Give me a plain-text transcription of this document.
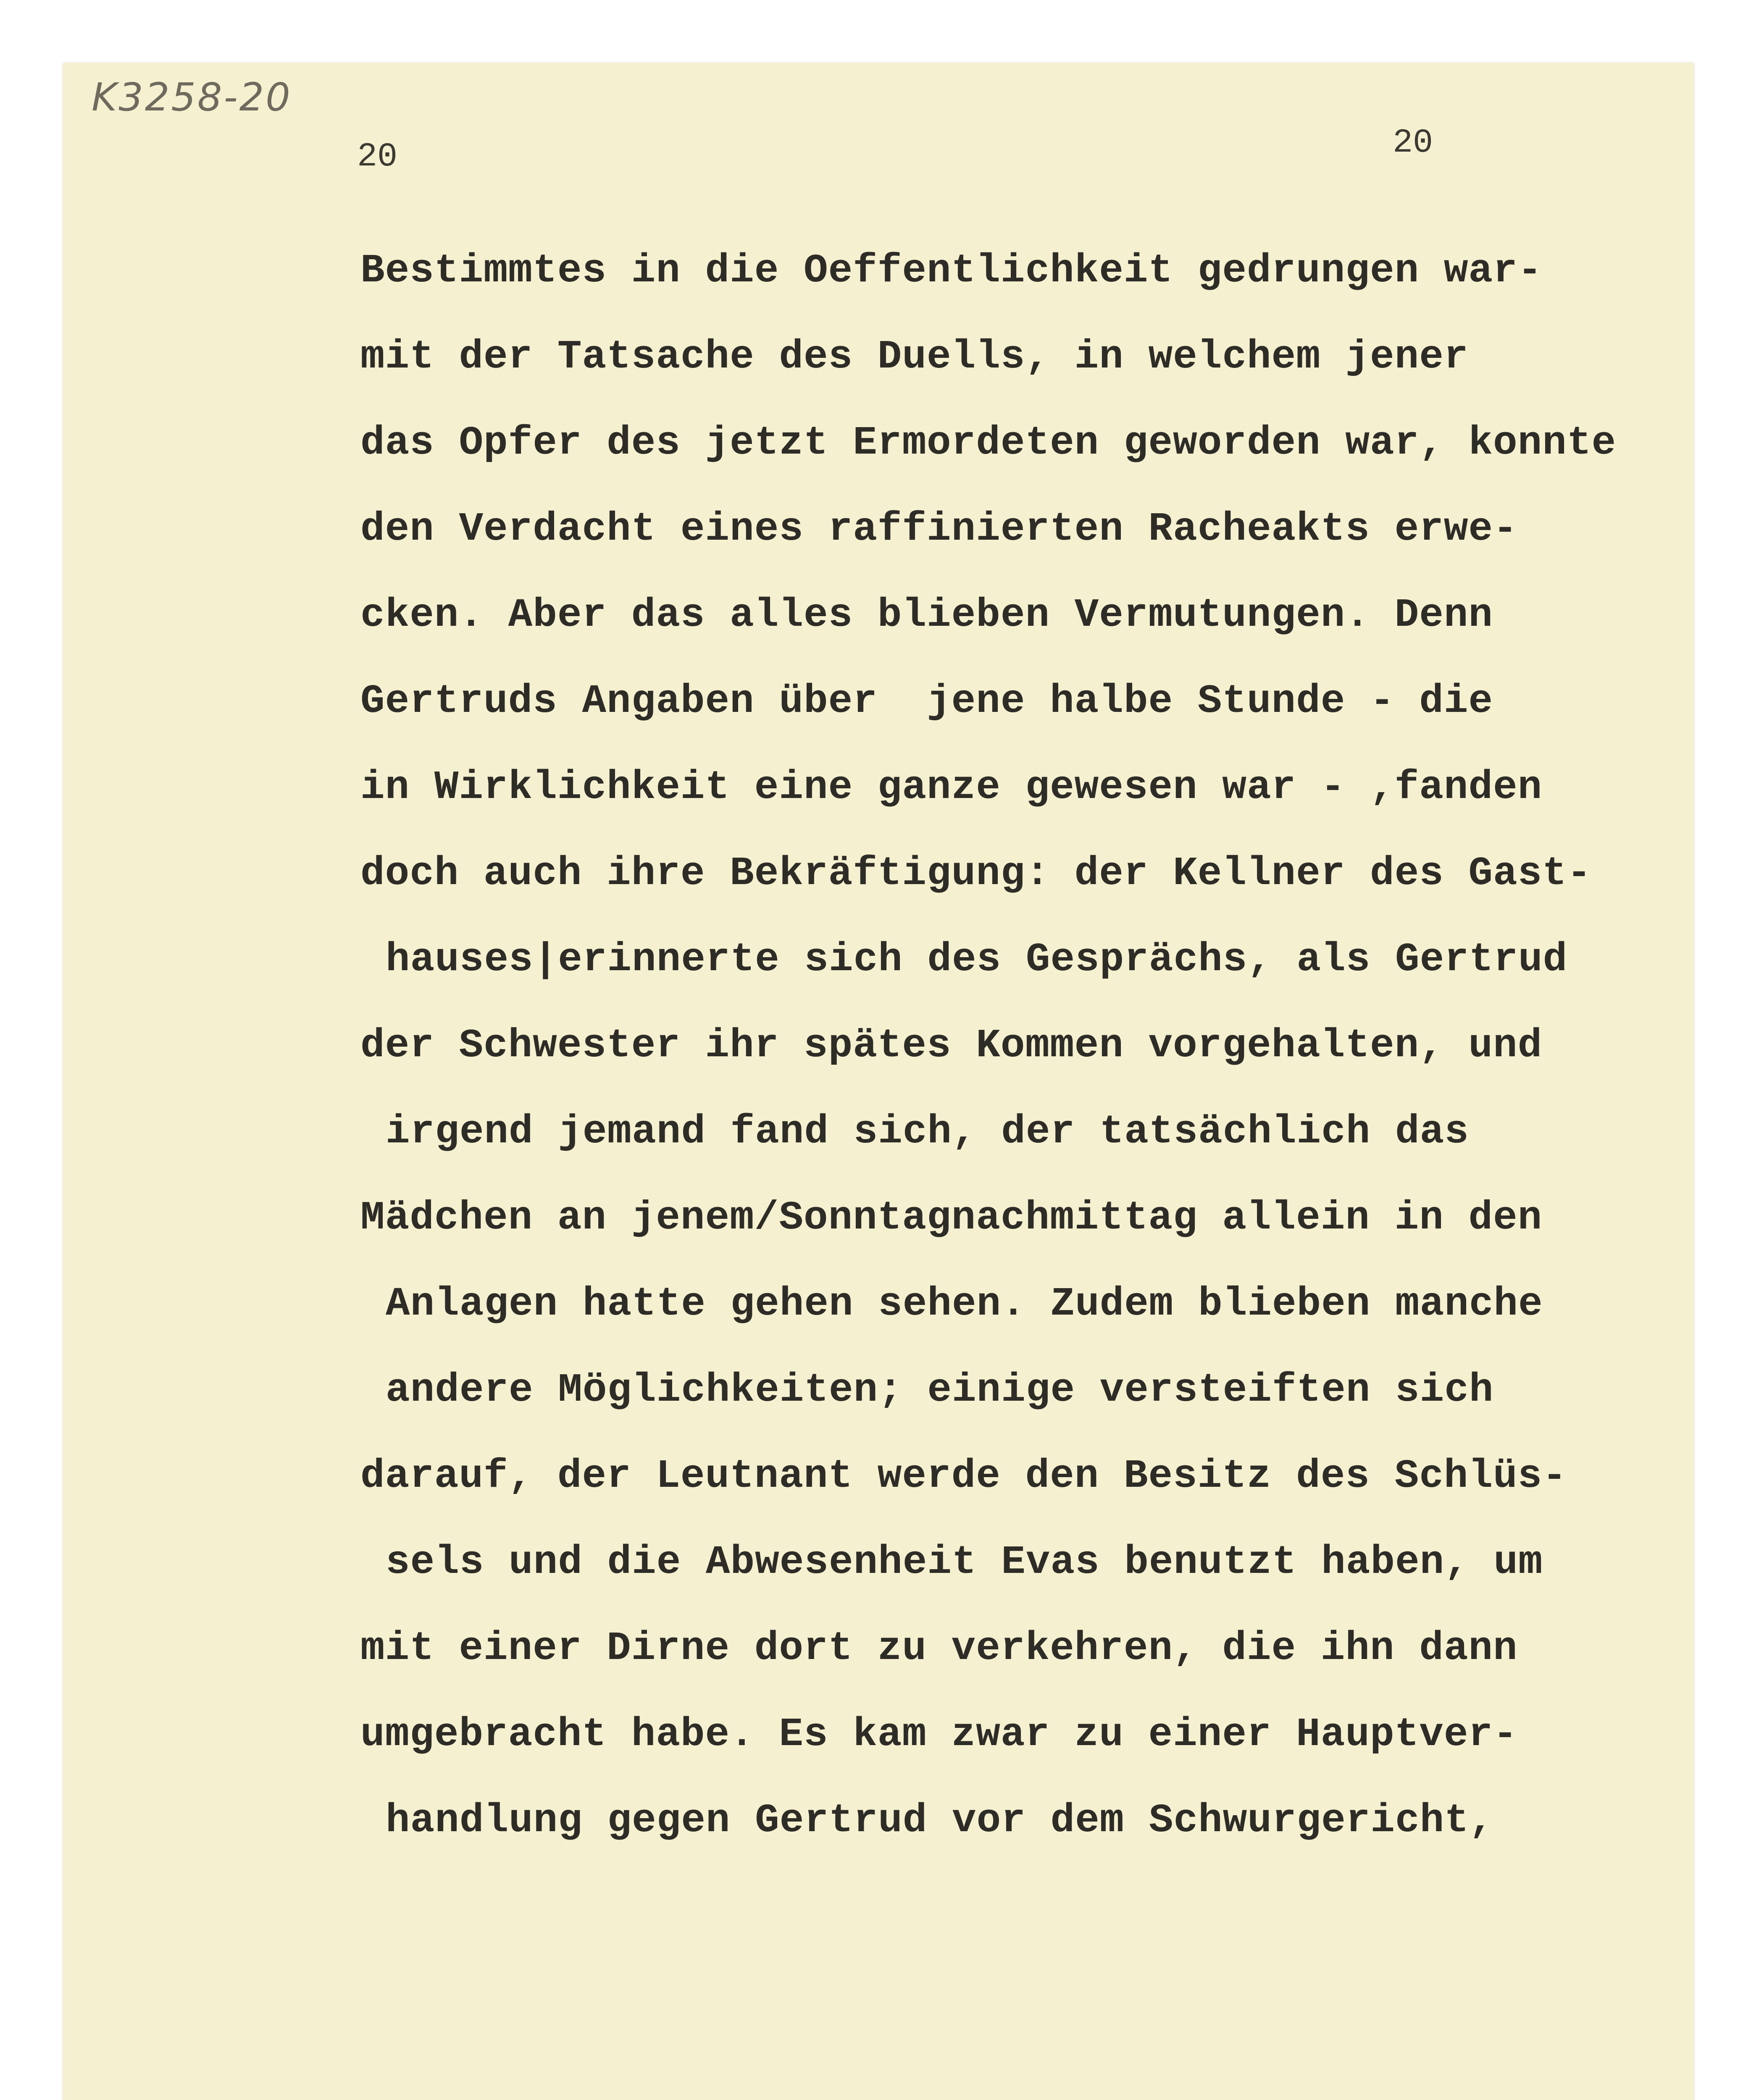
K3258-20
20	20
Bestimmtes in die Oeffentlichkeit gedrungen war-
mit der Tatsache des Duells, in welchem jener
das Opfer des jetzt Ermordeten geworden war, konnte
den Verdacht eines raffinierten Racheakts erwe-
cken. Aber das alles blieben Vermutungen. Denn
Gertruds Angaben über  jene halbe Stunde - die
in Wirklichkeit eine ganze gewesen war - ,fanden
doch auch ihre Bekräftigung: der Kellner des Gast-
hauses|erinnerte sich des Gesprächs, als Gertrud
der Schwester ihr spätes Kommen vorgehalten, und
irgend jemand fand sich, der tatsächlich das
Mädchen an jenem/Sonntagnachmittag allein in den
Anlagen hatte gehen sehen. Zudem blieben manche
andere Möglichkeiten; einige versteiften sich
darauf, der Leutnant werde den Besitz des Schlüs-
sels und die Abwesenheit Evas benutzt haben, um
mit einer Dirne dort zu verkehren, die ihn dann
umgebracht habe. Es kam zwar zu einer Hauptver-
handlung gegen Gertrud vor dem Schwurgericht,
